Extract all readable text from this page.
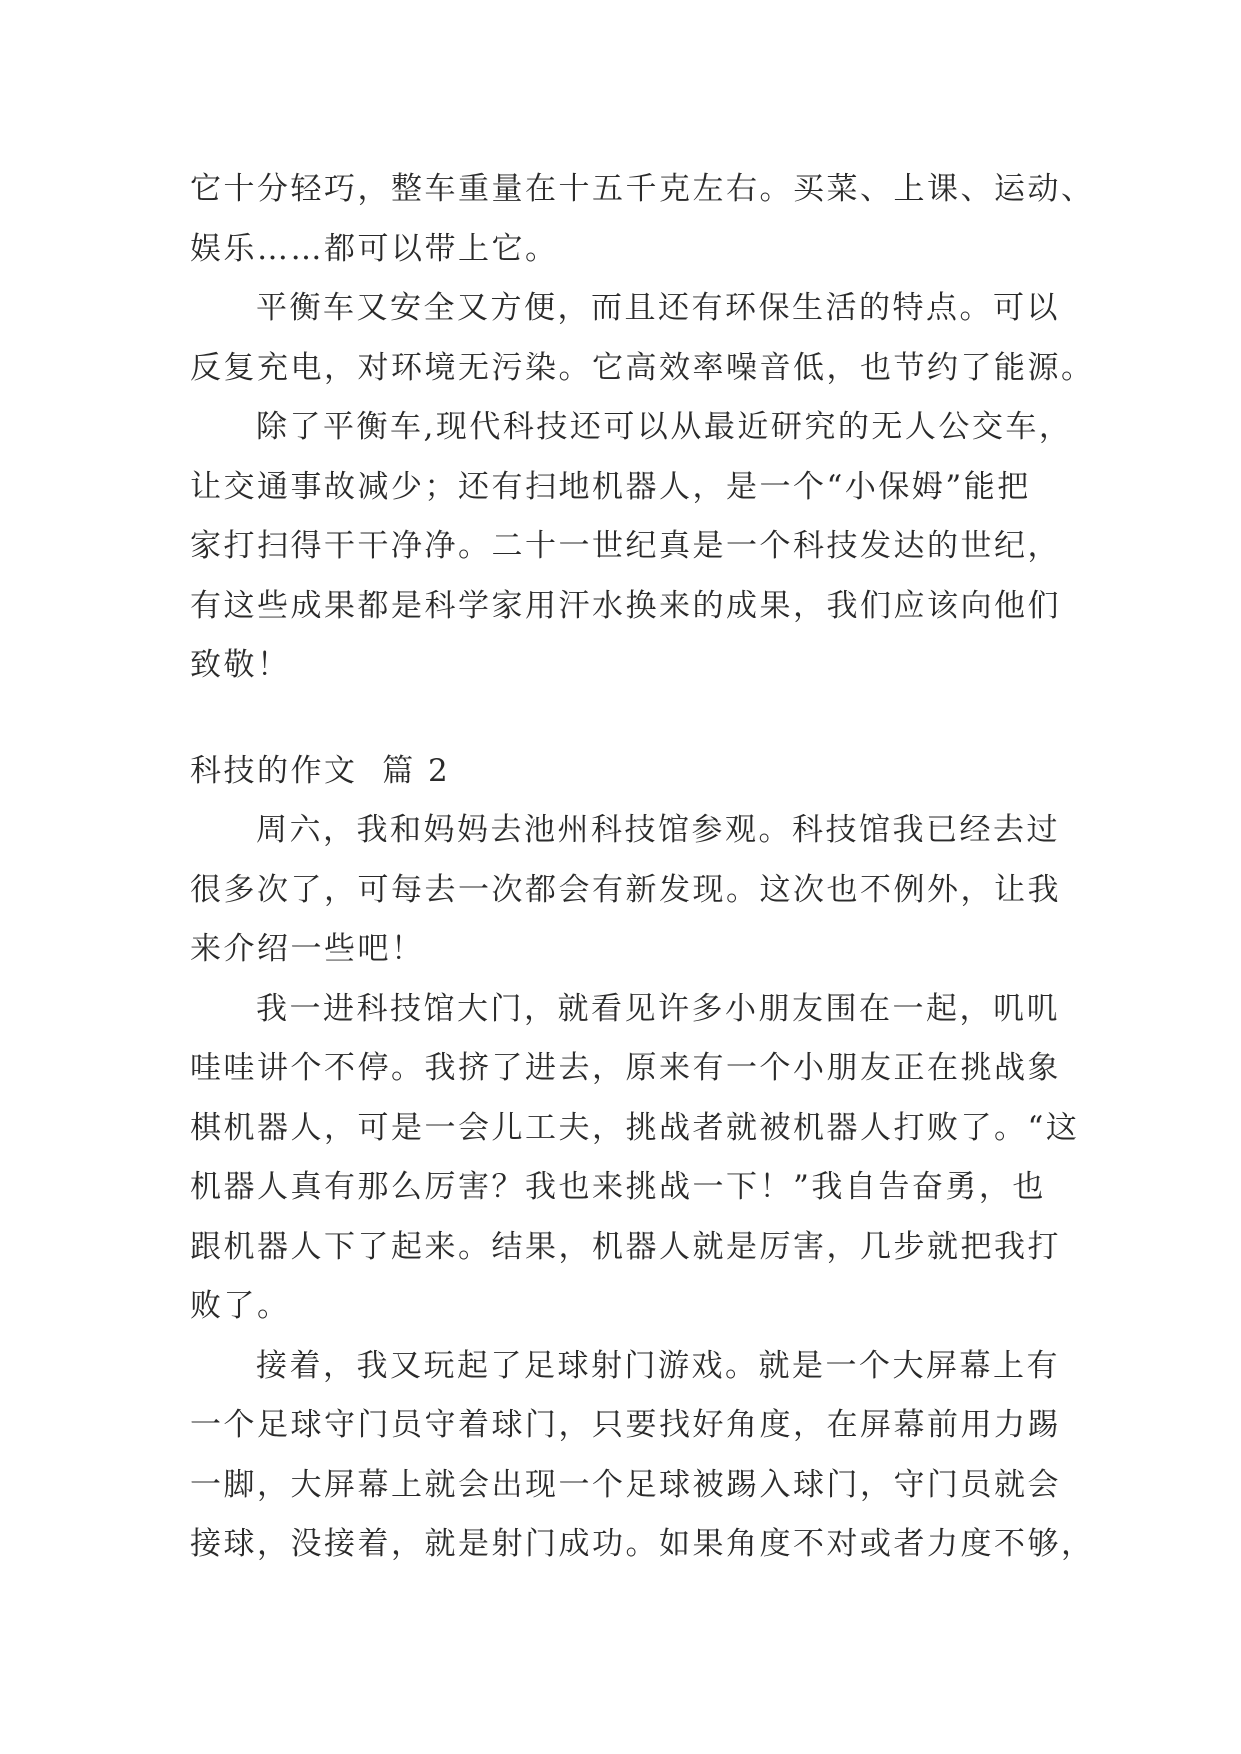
它十分轻巧，整车重量在十五千克左右。买菜、上课、运动、
娱乐……都可以带上它。
平衡车又安全又方便，而且还有环保生活的特点。可以
反复充电，对环境无污染。它高效率噪音低，也节约了能源。
除了平衡车,现代科技还可以从最近研究的无人公交车，
让交通事故减少；还有扫地机器人，是一个“小保姆”能把
家打扫得干干净净。二十一世纪真是一个科技发达的世纪，
有这些成果都是科学家用汗水换来的成果，我们应该向他们
致敬！
科技的作文  篇 2
周六，我和妈妈去池州科技馆参观。科技馆我已经去过
很多次了，可每去一次都会有新发现。这次也不例外，让我
来介绍一些吧！
我一进科技馆大门，就看见许多小朋友围在一起，叽叽
哇哇讲个不停。我挤了进去，原来有一个小朋友正在挑战象
棋机器人，可是一会儿工夫，挑战者就被机器人打败了。“这
机器人真有那么厉害？我也来挑战一下！”我自告奋勇，也
跟机器人下了起来。结果，机器人就是厉害，几步就把我打
败了。
接着，我又玩起了足球射门游戏。就是一个大屏幕上有
一个足球守门员守着球门，只要找好角度，在屏幕前用力踢
一脚，大屏幕上就会出现一个足球被踢入球门，守门员就会
接球，没接着，就是射门成功。如果角度不对或者力度不够，
